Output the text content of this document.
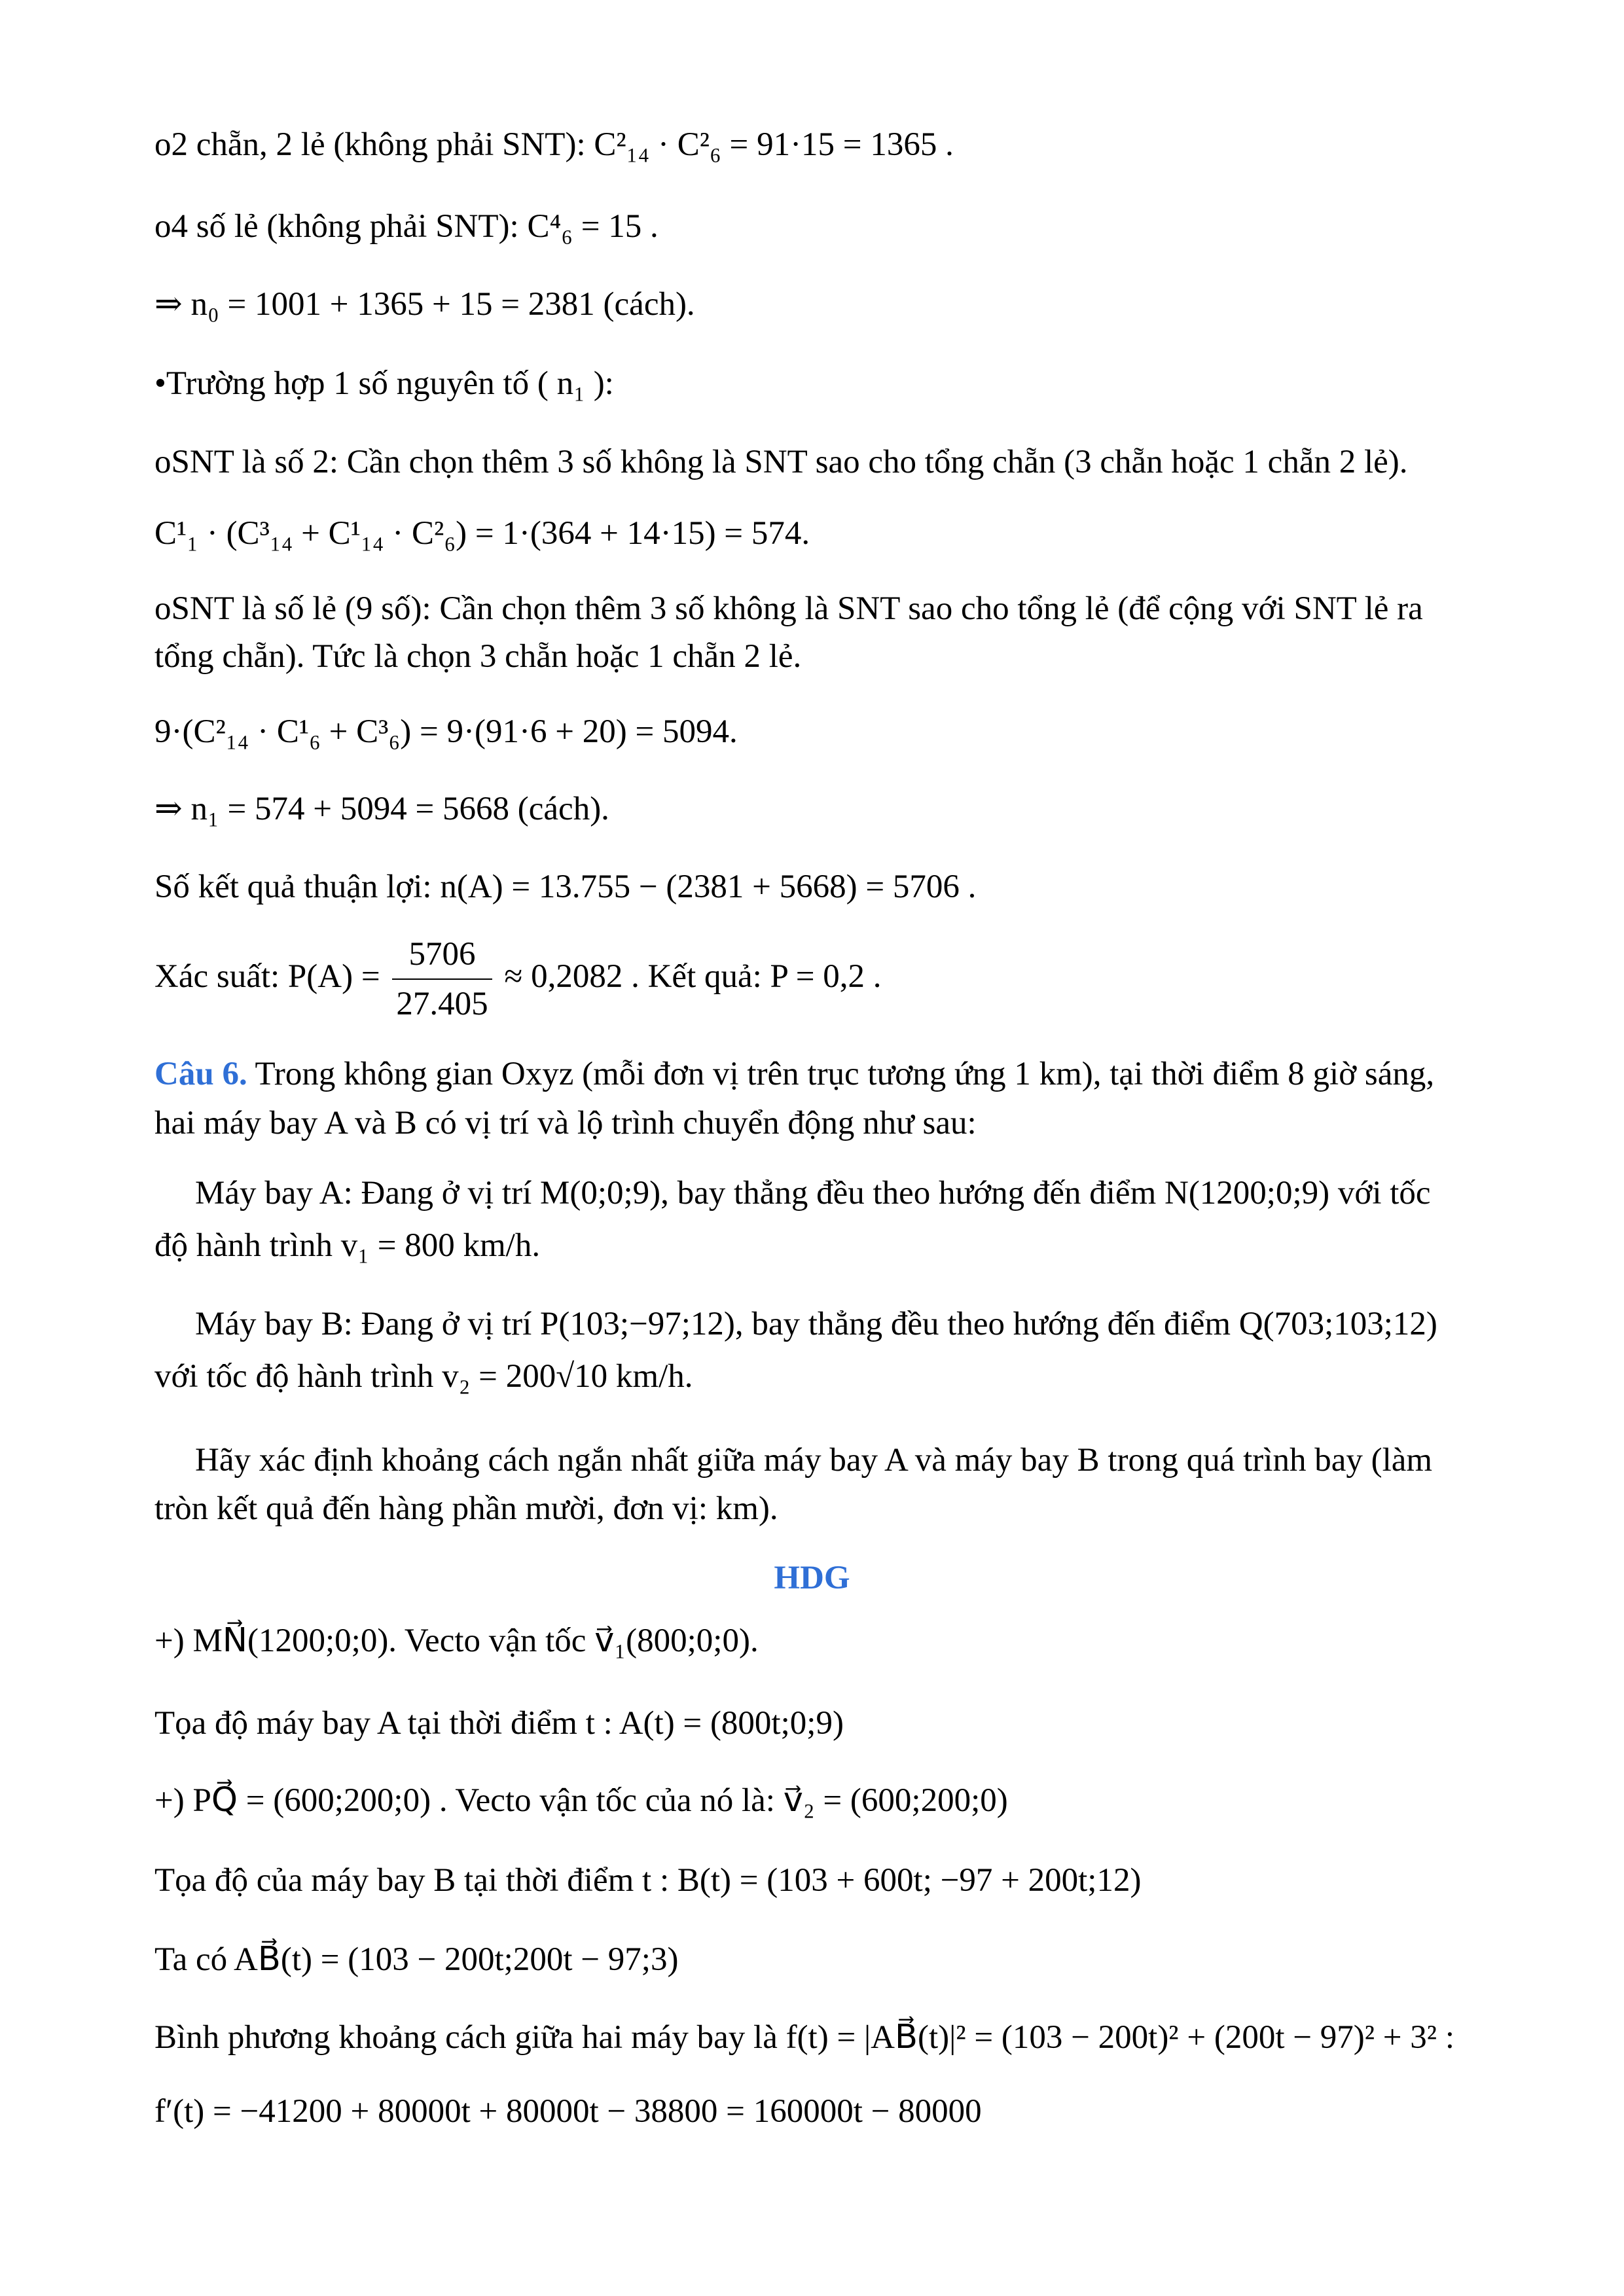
o2 chẵn, 2 lẻ (không phải SNT): C²₁₄ · C²₆ = 91·15 = 1365 .
o4 số lẻ (không phải SNT): C⁴₆ = 15 .
⇒ n₀ = 1001 + 1365 + 15 = 2381 (cách).
•Trường hợp 1 số nguyên tố ( n₁ ):
oSNT là số 2: Cần chọn thêm 3 số không là SNT sao cho tổng chẵn (3 chẵn hoặc 1 chẵn 2 lẻ).
C¹₁ · (C³₁₄ + C¹₁₄ · C²₆) = 1·(364 + 14·15) = 574.
oSNT là số lẻ (9 số): Cần chọn thêm 3 số không là SNT sao cho tổng lẻ (để cộng với SNT lẻ ra
tổng chẵn). Tức là chọn 3 chẵn hoặc 1 chẵn 2 lẻ.
9·(C²₁₄ · C¹₆ + C³₆) = 9·(91·6 + 20) = 5094.
⇒ n₁ = 574 + 5094 = 5668 (cách).
Số kết quả thuận lợi: n(A) = 13.755 − (2381 + 5668) = 5706 .
Xác suất: $P(A) = \frac{5706}{27.405} \approx 0,2082$ . Kết quả: P = 0,2 .
Câu 6. Trong không gian Oxyz (mỗi đơn vị trên trục tương ứng 1 km), tại thời điểm 8 giờ sáng,
hai máy bay A và B có vị trí và lộ trình chuyển động như sau:
Máy bay A: Đang ở vị trí M(0;0;9), bay thẳng đều theo hướng đến điểm N(1200;0;9) với tốc
độ hành trình v₁ = 800 km/h.
Máy bay B: Đang ở vị trí P(103;−97;12), bay thẳng đều theo hướng đến điểm Q(703;103;12)
với tốc độ hành trình v₂ = 200√10 km/h.
Hãy xác định khoảng cách ngắn nhất giữa máy bay A và máy bay B trong quá trình bay (làm
tròn kết quả đến hàng phần mười, đơn vị: km).
HDG
+) MN⃗(1200;0;0). Vecto vận tốc v⃗₁(800;0;0).
Tọa độ máy bay A tại thời điểm t : A(t) = (800t;0;9)
+) PQ⃗ = (600;200;0) . Vecto vận tốc của nó là: v⃗₂ = (600;200;0)
Tọa độ của máy bay B tại thời điểm t : B(t) = (103 + 600t; −97 + 200t;12)
Ta có AB⃗(t) = (103 − 200t;200t − 97;3)
Bình phương khoảng cách giữa hai máy bay là f(t) = |AB⃗(t)|² = (103 − 200t)² + (200t − 97)² + 3² :
f′(t) = −41200 + 80000t + 80000t − 38800 = 160000t − 80000
